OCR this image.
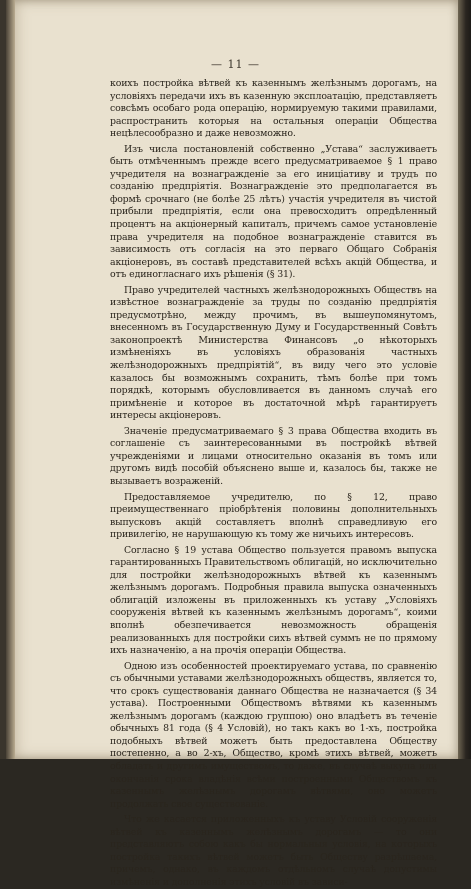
— 11 —

коихъ постройка вѣтвей къ казеннымъ желѣзнымъ дорогамъ, на условіяхъ передачи ихъ въ казенную эксплоатацію, представляетъ совсѣмъ особаго рода операцію, нормируемую такими правилами, распространить которыя на остальныя операціи Общества нецѣлесообразно и даже невозможно.

Изъ числа постановленій собственно „Устава“ заслуживаетъ быть отмѣченнымъ прежде всего предусматриваемое § 1 право учредителя на вознагражденіе за его иниціативу и трудъ по созданію предпріятія. Вознагражденіе это предполагается въ формѣ срочнаго (не болѣе 25 лѣтъ) участія учредителя въ чистой прибыли предпріятія, если она превосходитъ опредѣленный процентъ на акціонерный капиталъ, причемъ самое установленіе права учредителя на подобное вознагражденіе ставится въ зависимость отъ согласія на это перваго Общаго Собранія акціонеровъ, въ составѣ представителей всѣхъ акцій Общества, и отъ единогласнаго ихъ рѣшенія (§ 31).

Право учредителей частныхъ желѣзнодорожныхъ Обществъ на извѣстное вознагражденіе за труды по созданію предпріятія предусмотрѣно, между прочимъ, въ вышеупомянутомъ, внесенномъ въ Государственную Думу и Государственный Совѣтъ законопроектѣ Министерства Финансовъ „о нѣкоторыхъ измѣненіяхъ въ условіяхъ образованія частныхъ желѣзнодорожныхъ предпріятій“, въ виду чего это условіе казалось бы возможнымъ сохранить, тѣмъ болѣе при томъ порядкѣ, которымъ обусловливается въ данномъ случаѣ его примѣненіе и которое въ достаточной мѣрѣ гарантируетъ интересы акціонеровъ.

Значеніе предусматриваемаго § 3 права Общества входить въ соглашеніе съ заинтересованными въ постройкѣ вѣтвей учрежденіями и лицами относительно оказанія въ томъ или другомъ видѣ пособій объяснено выше и, казалось бы, также не вызываетъ возраженій.

Предоставляемое учредителю, по § 12, право преимущественнаго пріобрѣтенія половины дополнительныхъ выпусковъ акцій составляетъ вполнѣ справедливую его привилегію, не нарушающую къ тому же ничьихъ интересовъ.

Согласно § 19 устава Общество пользуется правомъ выпуска гарантированныхъ Правительствомъ облигацій, но исключительно для постройки желѣзнодорожныхъ вѣтвей къ казеннымъ желѣзнымъ дорогамъ. Подробныя правила выпуска означенныхъ облигацій изложены въ приложенныхъ къ уставу „Условіяхъ сооруженія вѣтвей къ казеннымъ желѣзнымъ дорогамъ“, коими вполнѣ обезпечивается невозможность обращенія реализованныхъ для постройки сихъ вѣтвей суммъ не по прямому ихъ назначенію, а на прочія операціи Общества.

Одною изъ особенностей проектируемаго устава, по сравненію съ обычными уставами желѣзнодорожныхъ обществъ, является то, что срокъ существованія даннаго Общества не назначается (§ 34 устава). Построенными Обществомъ вѣтвями къ казеннымъ желѣзнымъ дорогамъ (каждою группою) оно владѣетъ въ теченіе обычныхъ 81 года (§ 4 Условій), но такъ какъ во 1-хъ, постройка подобныхъ вѣтвей можетъ быть предоставлена Обществу постепенно, а во 2-хъ, Общество, кромѣ этихъ вѣтвей, можетъ обладать и другимъ имуществомъ, то даже, въ случаѣ выкупа или окончанія срока владѣнія всѣми построенными Обществомъ къ казеннымъ желѣзнымъ дорогамъ вѣтвями, оно можетъ продолжать свое существованіе.

Что же касается приложенныхъ къ уставу Условій сооруженія вѣтвей къ казеннымъ желѣзнымъ дорогамъ — то они представляютъ собою какъ бы нормальныя условія, на которыхъ постройка такихъ вѣтвей можетъ быть Обществу разрѣшаема, причемъ, однако, въ каждомъ отдѣльномъ случаѣ допустимы измѣненія и дополненія этихъ условій въ зависи-
